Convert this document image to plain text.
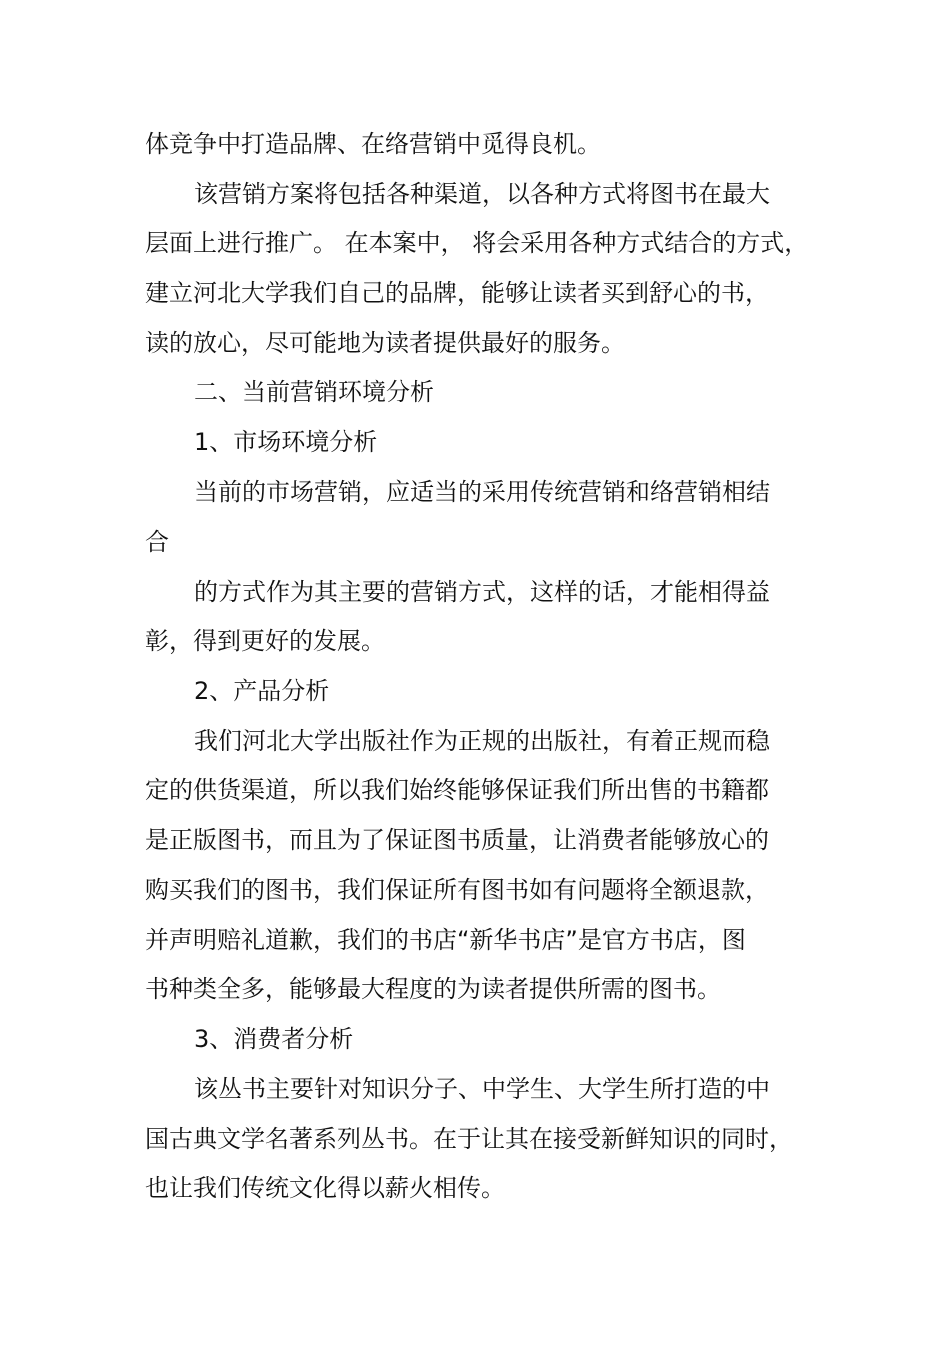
体竞争中打造品牌、在络营销中觅得良机。

该营销方案将包括各种渠道，以各种方式将图书在最大

层面上进行推广。 在本案中， 将会采用各种方式结合的方式，

建立河北大学我们自己的品牌，能够让读者买到舒心的书，

读的放心，尽可能地为读者提供最好的服务。

二、当前营销环境分析

1、市场环境分析

当前的市场营销，应适当的采用传统营销和络营销相结

合

的方式作为其主要的营销方式，这样的话，才能相得益

彰，得到更好的发展。

2、产品分析

我们河北大学出版社作为正规的出版社，有着正规而稳

定的供货渠道，所以我们始终能够保证我们所出售的书籍都

是正版图书，而且为了保证图书质量，让消费者能够放心的

购买我们的图书，我们保证所有图书如有问题将全额退款，

并声明赔礼道歉，我们的书店“新华书店”是官方书店，图

书种类全多，能够最大程度的为读者提供所需的图书。

3、消费者分析

该丛书主要针对知识分子、中学生、大学生所打造的中

国古典文学名著系列丛书。在于让其在接受新鲜知识的同时，

也让我们传统文化得以薪火相传。
